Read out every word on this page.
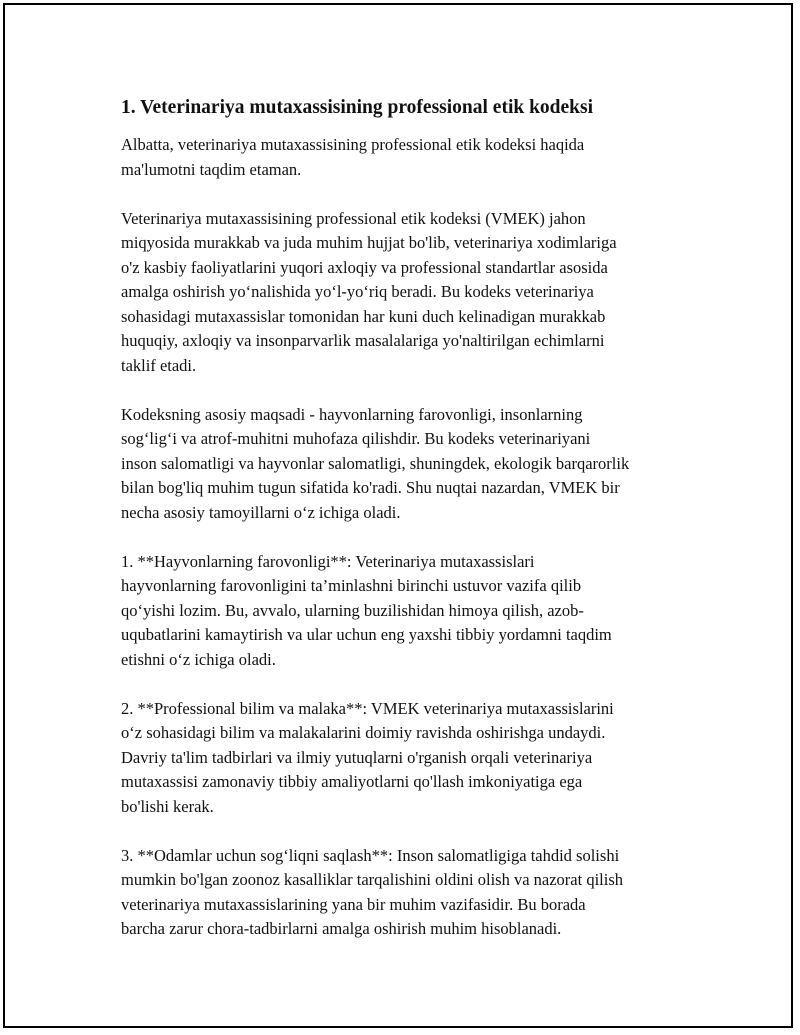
1. Veterinariya mutaxassisining professional etik kodeksi

Albatta, veterinariya mutaxassisining professional etik kodeksi haqida
ma'lumotni taqdim etaman.

Veterinariya mutaxassisining professional etik kodeksi (VMEK) jahon
miqyosida murakkab va juda muhim hujjat bo'lib, veterinariya xodimlariga
o'z kasbiy faoliyatlarini yuqori axloqiy va professional standartlar asosida
amalga oshirish yo‘nalishida yo‘l-yo‘riq beradi. Bu kodeks veterinariya
sohasidagi mutaxassislar tomonidan har kuni duch kelinadigan murakkab
huquqiy, axloqiy va insonparvarlik masalalariga yo'naltirilgan echimlarni
taklif etadi.

Kodeksning asosiy maqsadi - hayvonlarning farovonligi, insonlarning
sog‘lig‘i va atrof-muhitni muhofaza qilishdir. Bu kodeks veterinariyani
inson salomatligi va hayvonlar salomatligi, shuningdek, ekologik barqarorlik
bilan bog'liq muhim tugun sifatida ko'radi. Shu nuqtai nazardan, VMEK bir
necha asosiy tamoyillarni o‘z ichiga oladi.

1. **Hayvonlarning farovonligi**: Veterinariya mutaxassislari
hayvonlarning farovonligini ta’minlashni birinchi ustuvor vazifa qilib
qo‘yishi lozim. Bu, avvalo, ularning buzilishidan himoya qilish, azob-
uqubatlarini kamaytirish va ular uchun eng yaxshi tibbiy yordamni taqdim
etishni o‘z ichiga oladi.

2. **Professional bilim va malaka**: VMEK veterinariya mutaxassislarini
o‘z sohasidagi bilim va malakalarini doimiy ravishda oshirishga undaydi.
Davriy ta'lim tadbirlari va ilmiy yutuqlarni o'rganish orqali veterinariya
mutaxassisi zamonaviy tibbiy amaliyotlarni qo'llash imkoniyatiga ega
bo'lishi kerak.

3. **Odamlar uchun sog‘liqni saqlash**: Inson salomatligiga tahdid solishi
mumkin bo'lgan zoonoz kasalliklar tarqalishini oldini olish va nazorat qilish
veterinariya mutaxassislarining yana bir muhim vazifasidir. Bu borada
barcha zarur chora-tadbirlarni amalga oshirish muhim hisoblanadi.
